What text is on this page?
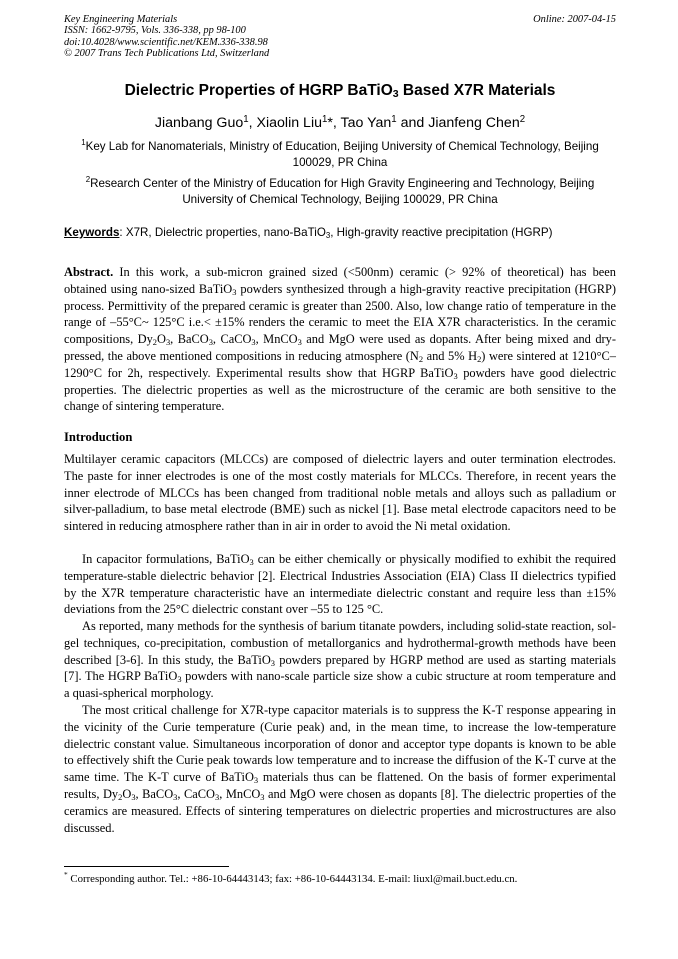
Key Engineering Materials
ISSN: 1662-9795, Vols. 336-338, pp 98-100
doi:10.4028/www.scientific.net/KEM.336-338.98
© 2007 Trans Tech Publications Ltd, Switzerland
Online: 2007-04-15
Dielectric Properties of HGRP BaTiO$_3$ Based X7R Materials
Jianbang Guo$^1$, Xiaolin Liu$^1$*, Tao Yan$^1$ and Jianfeng Chen$^2$
$^1$Key Lab for Nanomaterials, Ministry of Education, Beijing University of Chemical Technology, Beijing 100029, PR China
$^2$Research Center of the Ministry of Education for High Gravity Engineering and Technology, Beijing University of Chemical Technology, Beijing 100029, PR China
Keywords: X7R, Dielectric properties, nano-BaTiO$_3$, High-gravity reactive precipitation (HGRP)
Abstract. In this work, a sub-micron grained sized (<500nm) ceramic (> 92% of theoretical) has been obtained using nano-sized BaTiO$_3$ powders synthesized through a high-gravity reactive precipitation (HGRP) process. Permittivity of the prepared ceramic is greater than 2500. Also, low change ratio of temperature in the range of –55°C~ 125°C i.e.< ±15% renders the ceramic to meet the EIA X7R characteristics. In the ceramic compositions, $Dy_2O_3$, BaCO$_3$, CaCO$_3$, MnCO$_3$ and MgO were used as dopants. After being mixed and dry-pressed, the above mentioned compositions in reducing atmosphere ($N_2$ and 5% $H_2$) were sintered at 1210°C–1290°C for 2h, respectively. Experimental results show that HGRP BaTiO$_3$ powders have good dielectric properties. The dielectric properties as well as the microstructure of the ceramic are both sensitive to the change of sintering temperature.
Introduction
Multilayer ceramic capacitors (MLCCs) are composed of dielectric layers and outer termination electrodes. The paste for inner electrodes is one of the most costly materials for MLCCs. Therefore, in recent years the inner electrode of MLCCs has been changed from traditional noble metals and alloys such as palladium or silver-palladium, to base metal electrode (BME) such as nickel [1]. Base metal electrode capacitors need to be sintered in reducing atmosphere rather than in air in order to avoid the Ni metal oxidation.
In capacitor formulations, BaTiO$_3$ can be either chemically or physically modified to exhibit the required temperature-stable dielectric behavior [2]. Electrical Industries Association (EIA) Class II dielectrics typified by the X7R temperature characteristic have an intermediate dielectric constant and require less than ±15% deviations from the 25°C dielectric constant over –55 to 125 °C.
As reported, many methods for the synthesis of barium titanate powders, including solid-state reaction, sol-gel techniques, co-precipitation, combustion of metallorganics and hydrothermal-growth methods have been described [3-6]. In this study, the BaTiO$_3$ powders prepared by HGRP method are used as starting materials [7]. The HGRP BaTiO$_3$ powders with nano-scale particle size show a cubic structure at room temperature and a quasi-spherical morphology.
The most critical challenge for X7R-type capacitor materials is to suppress the K-T response appearing in the vicinity of the Curie temperature (Curie peak) and, in the mean time, to increase the low-temperature dielectric constant value. Simultaneous incorporation of donor and acceptor type dopants is known to be able to effectively shift the Curie peak towards low temperature and to increase the diffusion of the K-T curve at the same time. The K-T curve of BaTiO$_3$ materials thus can be flattened. On the basis of former experimental results, $Dy_2O_3$, BaCO$_3$, CaCO$_3$, MnCO$_3$ and MgO were chosen as dopants [8]. The dielectric properties of the ceramics are measured. Effects of sintering temperatures on dielectric properties and microstructures are also discussed.
* Corresponding author. Tel.: +86-10-64443143; fax: +86-10-64443134. E-mail: liuxl@mail.buct.edu.cn.
